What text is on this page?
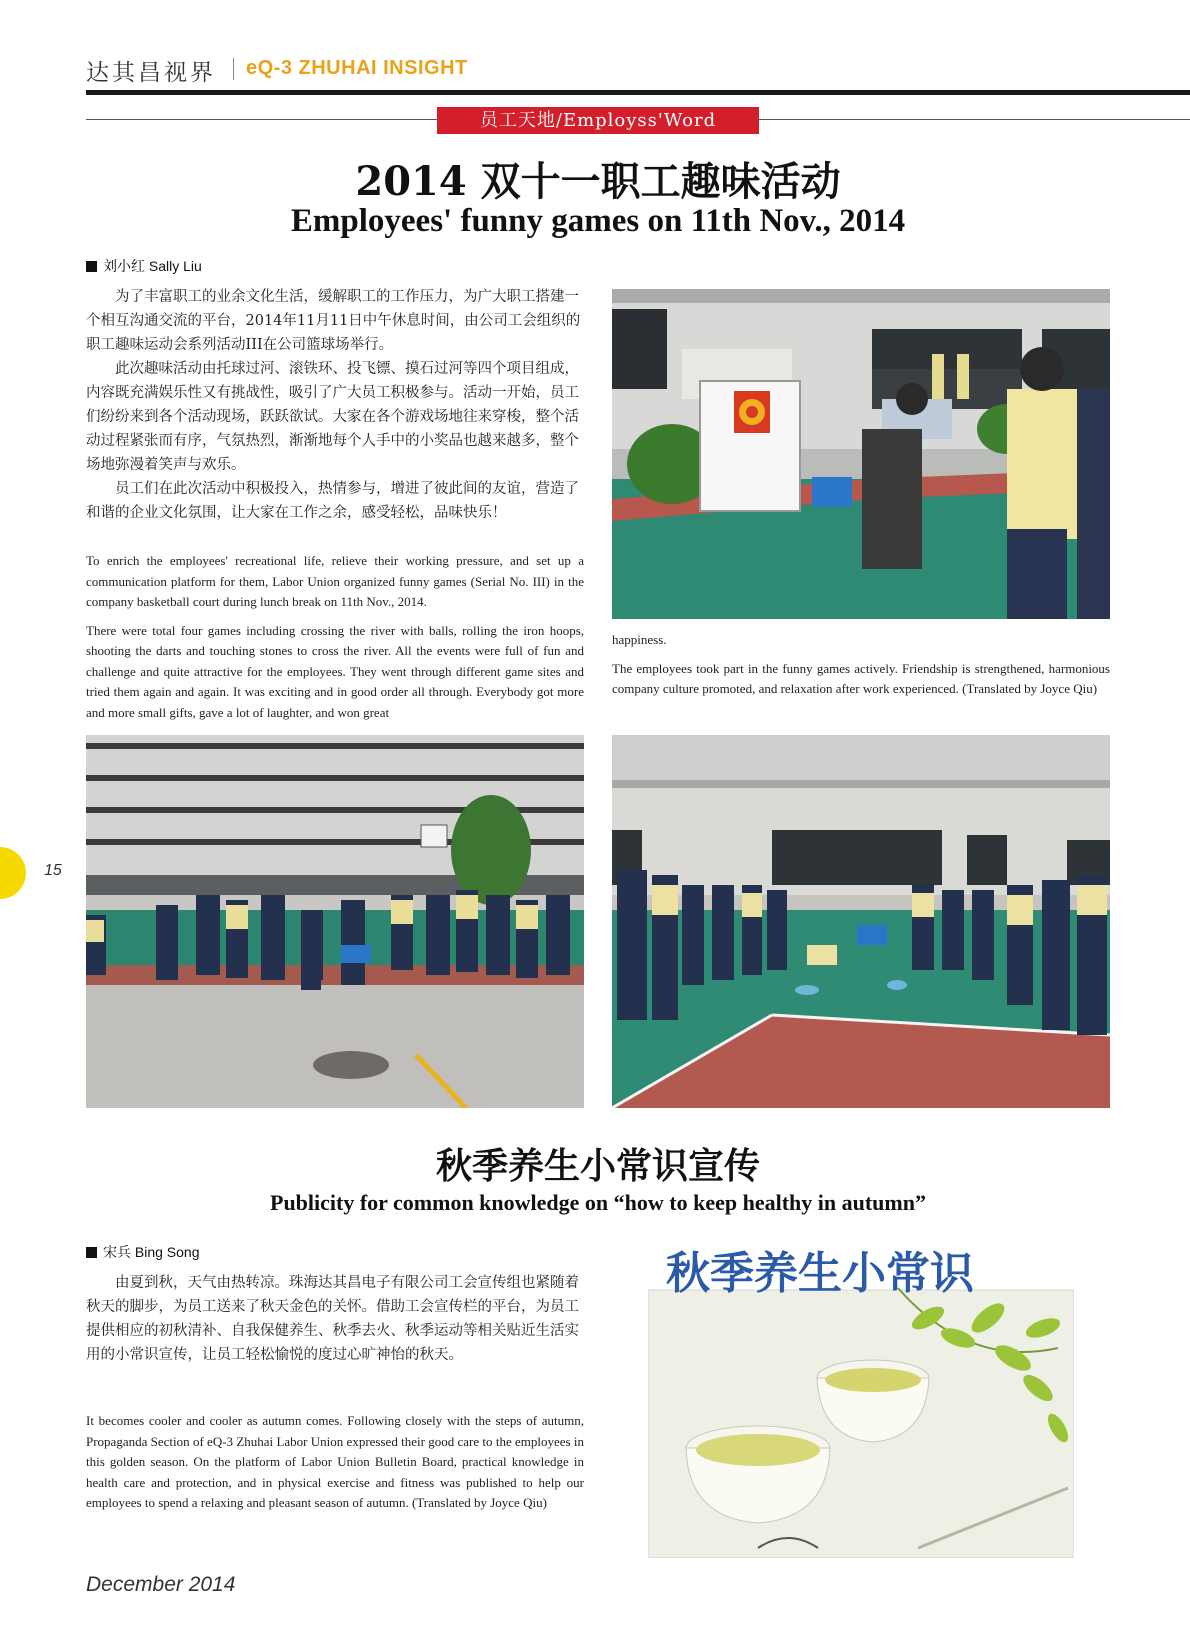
达其昌视界 eQ-3 ZHUHAI INSIGHT
员工天地/Employss'Word
2014 双十一职工趣味活动
Employees' funny games on 11th Nov., 2014
刘小红 Sally Liu

为了丰富职工的业余文化生活，缓解职工的工作压力，为广大职工搭建一个相互沟通交流的平台，2014年11月11日中午休息时间，由公司工会组织的职工趣味运动会系列活动III在公司篮球场举行。

此次趣味活动由托球过河、滚铁环、投飞镖、摸石过河等四个项目组成，内容既充满娱乐性又有挑战性，吸引了广大员工积极参与。活动一开始，员工们纷纷来到各个活动现场，跃跃欲试。大家在各个游戏场地往来穿梭，整个活动过程紧张而有序，气氛热烈，渐渐地每个人手中的小奖品也越来越多，整个场地弥漫着笑声与欢乐。

员工们在此次活动中积极投入，热情参与，增进了彼此间的友谊，营造了和谐的企业文化氛围，让大家在工作之余，感受轻松，品味快乐！

To enrich the employees' recreational life, relieve their working pressure, and set up a communication platform for them, Labor Union organized funny games (Serial No. III) in the company basketball court during lunch break on 11th Nov., 2014.

There were total four games including crossing the river with balls, rolling the iron hoops, shooting the darts and touching stones to cross the river. All the events were full of fun and challenge and quite attractive for the employees. They went through different game sites and tried them again and again. It was exciting and in good order all through. Everybody got more and more small gifts, gave a lot of laughter, and won great

happiness.

The employees took part in the funny games actively. Friendship is strengthened, harmonious company culture promoted, and relaxation after work experienced. (Translated by Joyce Qiu)

秋季养生小常识宣传
Publicity for common knowledge on “how to keep healthy in autumn”
宋兵 Bing Song

由夏到秋，天气由热转凉。珠海达其昌电子有限公司工会宣传组也紧随着秋天的脚步，为员工送来了秋天金色的关怀。借助工会宣传栏的平台，为员工提供相应的初秋清补、自我保健养生、秋季去火、秋季运动等相关贴近生活实用的小常识宣传，让员工轻松愉悦的度过心旷神怡的秋天。

It becomes cooler and cooler as autumn comes. Following closely with the steps of autumn, Propaganda Section of eQ-3 Zhuhai Labor Union expressed their good care to the employees in this golden season. On the platform of Labor Union Bulletin Board, practical knowledge in health care and protection, and in physical exercise and fitness was published to help our employees to spend a relaxing and pleasant season of autumn. (Translated by Joyce Qiu)

秋季养生小常识
15
December 2014
